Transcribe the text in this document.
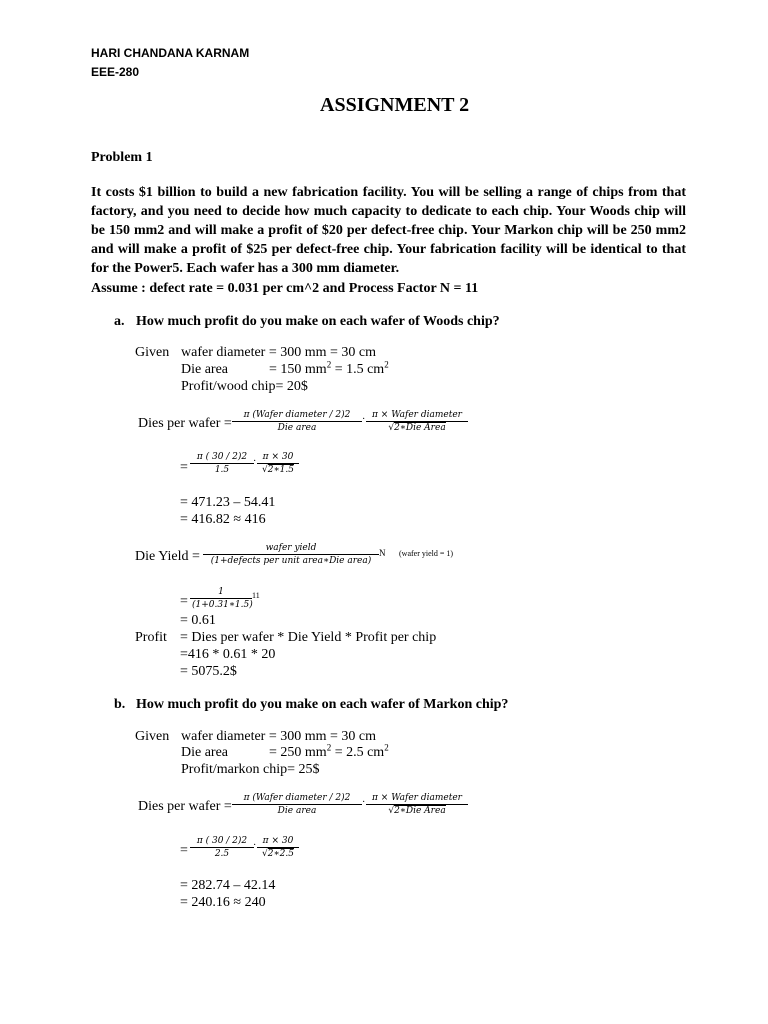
HARI CHANDANA KARNAM
EEE-280
ASSIGNMENT 2
Problem 1
It costs $1 billion to build a new fabrication facility. You will be selling a range of chips from that factory, and you need to decide how much capacity to dedicate to each chip. Your Woods chip will be 150 mm2 and will make a profit of $20 per defect-free chip. Your Markon chip will be 250 mm2 and will make a profit of $25 per defect-free chip. Your fabrication facility will be identical to that for the Power5. Each wafer has a 300 mm diameter.
Assume : defect rate = 0.031 per cm^2 and Process Factor N = 11
a. How much profit do you make on each wafer of Woods chip?
Given wafer diameter = 300 mm = 30 cm
Die area	= 150 $mm^2 = 1.5$ $cm^2$
Profit/wood chip= 20$
Dies per wafer =
π (Wafer diameter / 2)2
Die area
· π × Wafer diameter
√2∗Die Area
= $\frac{\pi ( 30 / 2)2}{1.5} \cdot \frac{\pi \times 30}{√2∗1.5}$
= 471.23 – 54.41
= 416.82 ≈ 416
Die Yield =
wafer yield
(1+defects per unit area∗Die area)
N (wafer yield = 1)
= $\frac{1}{(1+0.31∗1.5)} 11$
= 0.61
Profit = Dies per wafer * Die Yield * Profit per chip
=416 * 0.61 * 20
= 5075.2$
b. How much profit do you make on each wafer of Markon chip?
Given wafer diameter = 300 mm = 30 cm
Die area	= 250 $mm^2 = 2.5$ $cm^2$
Profit/markon chip= 25$
Dies per wafer =
π (Wafer diameter / 2)2
Die area
· π × Wafer diameter
√2∗Die Area
= $\frac{\pi ( 30 / 2)2}{2.5} \cdot \frac{\pi \times 30}{√2∗2.5}$
= 282.74 – 42.14
= 240.16 ≈ 240
